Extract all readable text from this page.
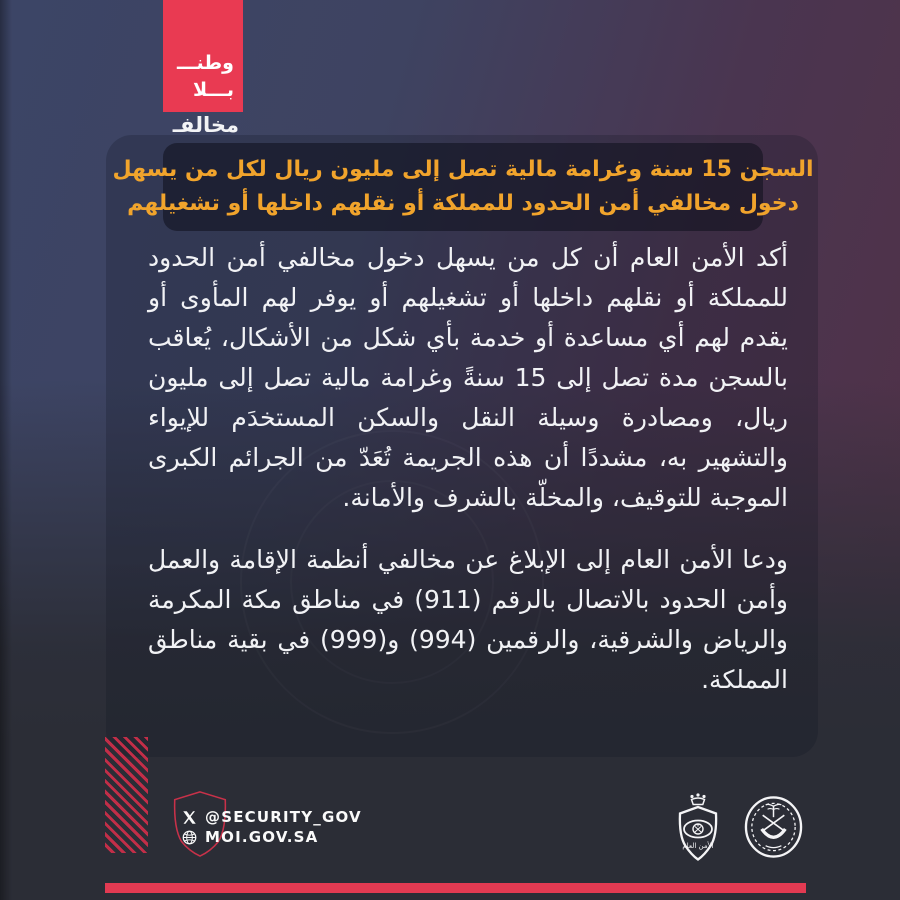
وطنـــ
بـــلا
مخالفـ
السجن 15 سنة وغرامة مالية تصل إلى مليون ريال لكل من يسهل
دخول مخالفي أمن الحدود للمملكة أو نقلهم داخلها أو تشغيلهم

أكد الأمن العام أن كل من يسهل دخول مخالفي أمن الحدود للمملكة أو نقلهم داخلها أو تشغيلهم أو يوفر لهم المأوى أو يقدم لهم أي مساعدة أو خدمة بأي شكل من الأشكال، يُعاقب بالسجن مدة تصل إلى 15 سنةً وغرامة مالية تصل إلى مليون ريال، ومصادرة وسيلة النقل والسكن المستخدَم للإيواء والتشهير به، مشددًا أن هذه الجريمة تُعَدّ من الجرائم الكبرى الموجبة للتوقيف، والمخلّة بالشرف والأمانة.

ودعا الأمن العام إلى الإبلاغ عن مخالفي أنظمة الإقامة والعمل وأمن الحدود بالاتصال بالرقم (911) في مناطق مكة المكرمة والرياض والشرقية، والرقمين (994) و(999) في بقية مناطق المملكة.

@SECURITY_GOV
MOI.GOV.SA	الأمن العام
